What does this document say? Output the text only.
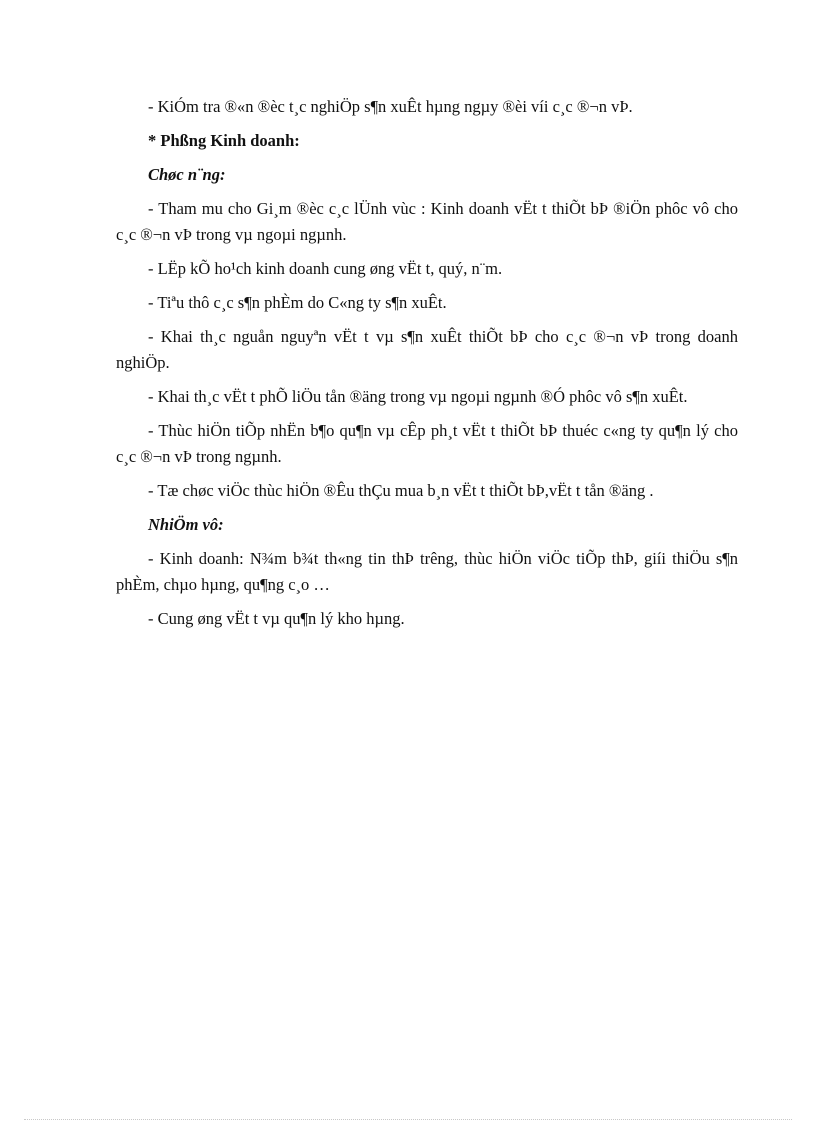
- KiÓm tra ®«n ®èc t¸c nghiÖp s¶n xuÊt hµng ngµy ®èi víi c¸c ®¬n vÞ.

* Phßng Kinh doanh:

Chøc n¨ng:

- Tham mu cho Gi¸m ®èc c¸c lÜnh vùc : Kinh doanh vËt t thiÕt bÞ ®iÖn phôc vô cho c¸c ®¬n vÞ trong vµ ngoµi ngµnh.

- LËp kÕ ho¹ch kinh doanh cung øng vËt t, quý, n¨m.

- Tiªu thô c¸c s¶n phÈm do C«ng ty s¶n xuÊt.

- Khai th¸c nguån nguyªn vËt t vµ s¶n xuÊt thiÕt bÞ cho c¸c ®¬n vÞ trong doanh nghiÖp.

- Khai th¸c vËt t phÕ liÖu tån ®äng trong vµ ngoµi ngµnh ®Ó phôc vô s¶n xuÊt.

- Thùc hiÖn tiÕp nhËn b¶o qu¶n vµ cÊp ph¸t vËt t thiÕt bÞ thuéc c«ng ty qu¶n lý cho c¸c ®¬n vÞ trong ngµnh.

- Tæ chøc viÖc thùc hiÖn ®Êu thÇu mua b¸n vËt t thiÕt bÞ,vËt t tån ®äng .

NhiÖm vô:

- Kinh doanh: N¾m b¾t th«ng tin thÞ trêng, thùc hiÖn viÖc tiÕp thÞ, giíi thiÖu s¶n phÈm, chµo hµng, qu¶ng c¸o …

- Cung øng vËt t vµ qu¶n lý kho hµng.
